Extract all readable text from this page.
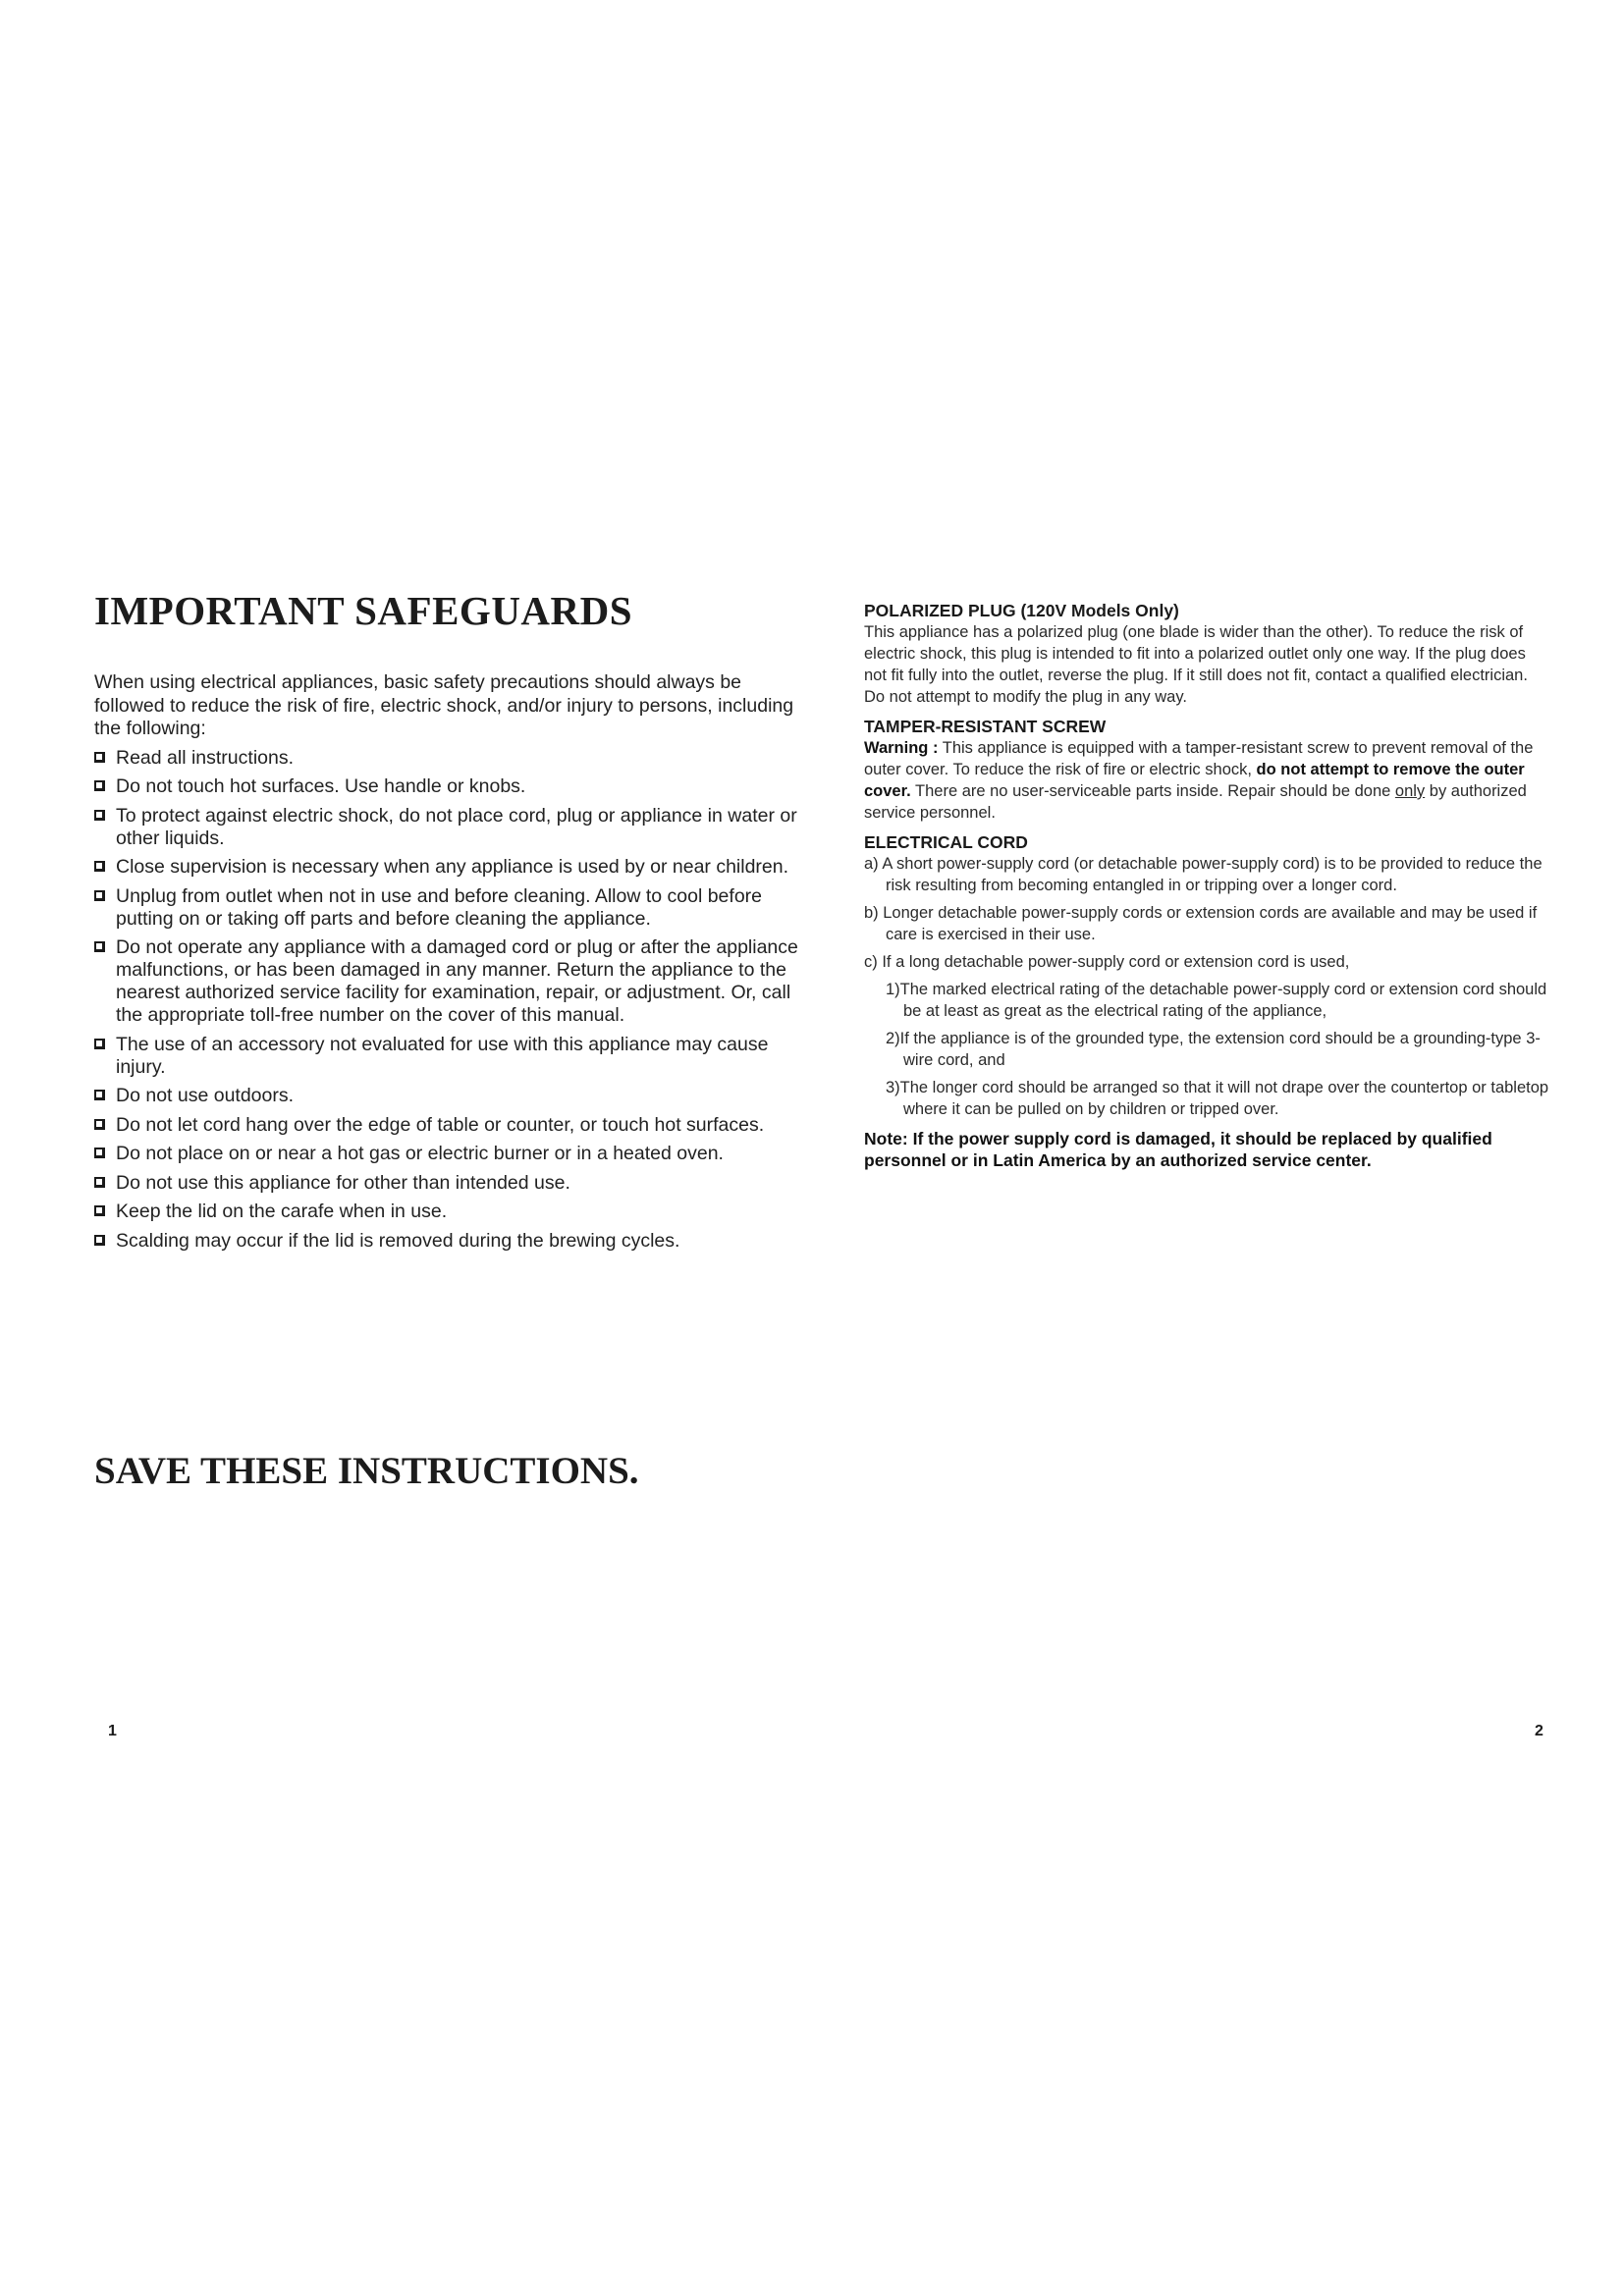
IMPORTANT SAFEGUARDS

When using electrical appliances, basic safety precautions should always be followed to reduce the risk of fire, electric shock, and/or injury to persons, including the following:

Read all instructions.
Do not touch hot surfaces. Use handle or knobs.
To protect against electric shock, do not place cord, plug or appliance in water or other liquids.
Close supervision is necessary when any appliance is used by or near children.
Unplug from outlet when not in use and before cleaning. Allow to cool before putting on or taking off parts and before cleaning the appliance.
Do not operate any appliance with a damaged cord or plug or after the appliance malfunctions, or has been damaged in any manner. Return the appliance to the nearest authorized service facility for examination, repair, or adjustment. Or, call the appropriate toll-free number on the cover of this manual.
The use of an accessory not evaluated for use with this appliance may cause injury.
Do not use outdoors.
Do not let cord hang over the edge of table or counter, or touch hot surfaces.
Do not place on or near a hot gas or electric burner or in a heated oven.
Do not use this appliance for other than intended use.
Keep the lid on the carafe when in use.
Scalding may occur if the lid is removed during the brewing cycles.
SAVE THESE INSTRUCTIONS.
POLARIZED PLUG (120V Models Only)

This appliance has a polarized plug (one blade is wider than the other). To reduce the risk of electric shock, this plug is intended to fit into a polarized outlet only one way. If the plug does not fit fully into the outlet, reverse the plug. If it still does not fit, contact a qualified electrician. Do not attempt to modify the plug in any way.

TAMPER-RESISTANT SCREW

Warning : This appliance is equipped with a tamper-resistant screw to prevent removal of the outer cover. To reduce the risk of fire or electric shock, do not attempt to remove the outer cover. There are no user-serviceable parts inside. Repair should be done only by authorized service personnel.

ELECTRICAL CORD
a) A short power-supply cord (or detachable power-supply cord) is to be provided to reduce the risk resulting from becoming entangled in or tripping over a longer cord.
b) Longer detachable power-supply cords or extension cords are available and may be used if care is exercised in their use.
c) If a long detachable power-supply cord or extension cord is used,
1)The marked electrical rating of the detachable power-supply cord or extension cord should be at least as great as the electrical rating of the appliance,
2)If the appliance is of the grounded type, the extension cord should be a grounding-type 3-wire cord, and
3)The longer cord should be arranged so that it will not drape over the countertop or tabletop where it can be pulled on by children or tripped over.

Note: If the power supply cord is damaged, it should be replaced by qualified personnel or in Latin America by an authorized service center.

1	2
